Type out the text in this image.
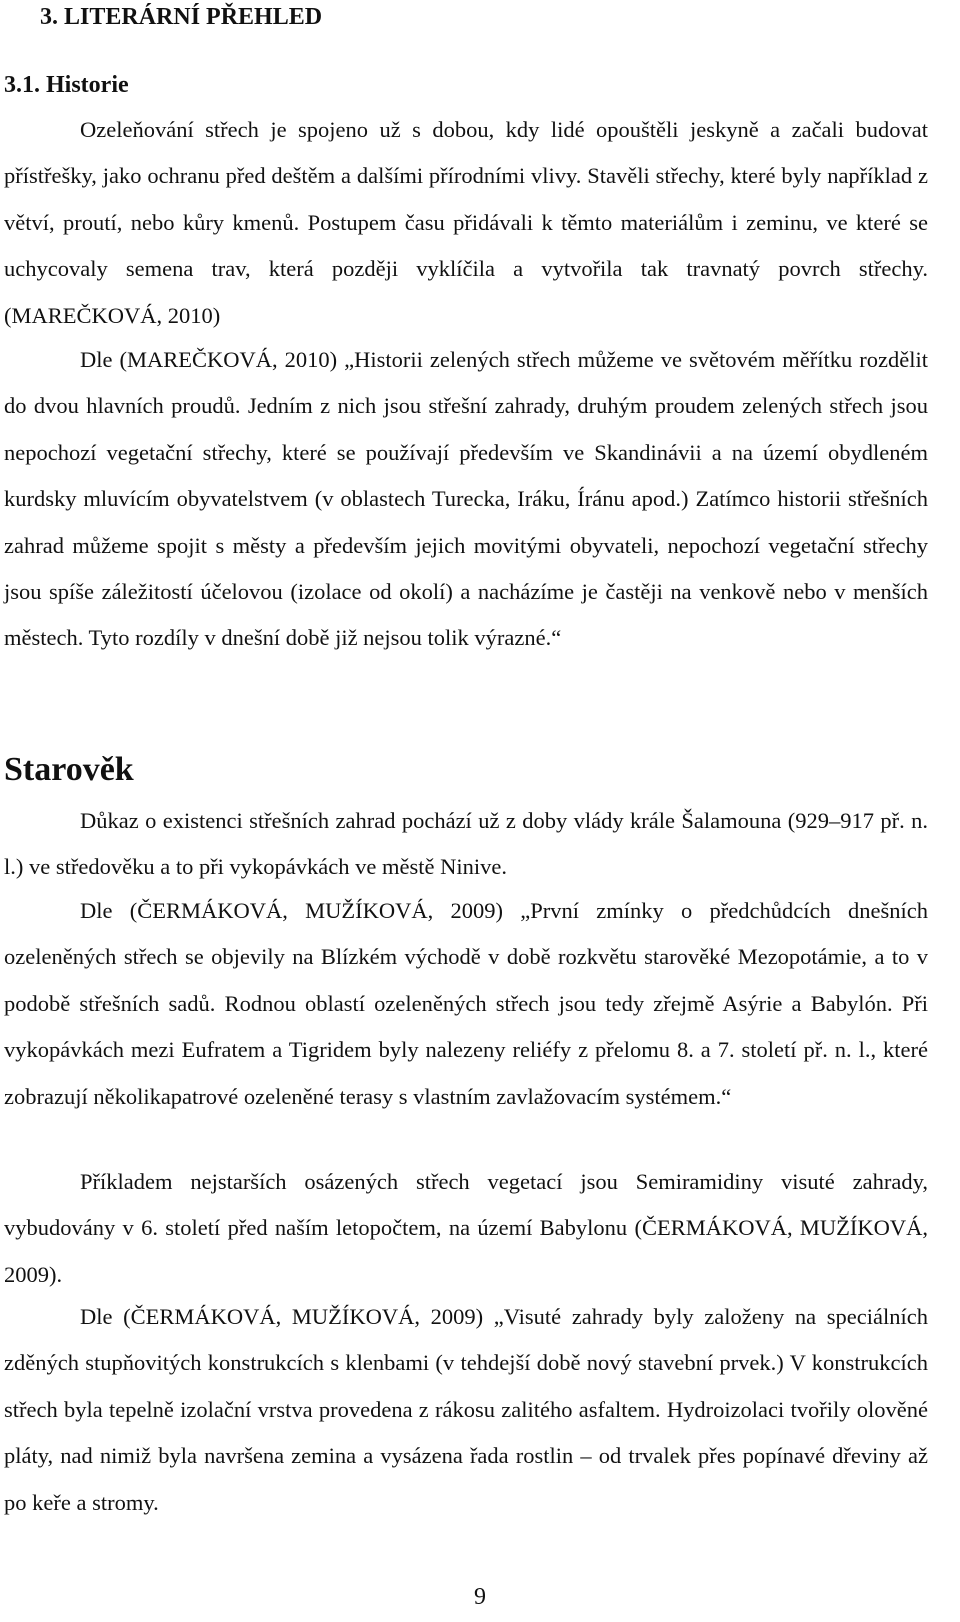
3. LITERÁRNÍ PŘEHLED
3.1. Historie

Ozeleňování střech je spojeno už s dobou, kdy lidé opouštěli jeskyně a začali budovat přístřešky, jako ochranu před deštěm a dalšími přírodními vlivy. Stavěli střechy, které byly například z větví, proutí, nebo kůry kmenů. Postupem času přidávali k těmto materiálům i zeminu, ve které se uchycovaly semena trav, která později vyklíčila a vytvořila tak travnatý povrch střechy.(MAREČKOVÁ, 2010)

Dle (MAREČKOVÁ, 2010) „Historii zelených střech můžeme ve světovém měřítku rozdělit do dvou hlavních proudů. Jedním z nich jsou střešní zahrady, druhým proudem zelených střech jsou nepochozí vegetační střechy, které se používají především ve Skandinávii a na území obydleném kurdsky mluvícím obyvatelstvem (v oblastech Turecka, Iráku, Íránu apod.) Zatímco historii střešních zahrad můžeme spojit s městy a především jejich movitými obyvateli, nepochozí vegetační střechy jsou spíše záležitostí účelovou (izolace od okolí) a nacházíme je častěji na venkově nebo v menších městech. Tyto rozdíly v dnešní době již nejsou tolik výrazné.“

Starověk

Důkaz o existenci střešních zahrad pochází už z doby vlády krále Šalamouna (929–917 př. n. l.) ve středověku a to při vykopávkách ve městě Ninive.

Dle (ČERMÁKOVÁ, MUŽÍKOVÁ, 2009) „První zmínky o předchůdcích dnešních ozeleněných střech se objevily na Blízkém východě v době rozkvětu starověké Mezopotámie, a to v podobě střešních sadů. Rodnou oblastí ozeleněných střech jsou tedy zřejmě Asýrie a Babylón. Při vykopávkách mezi Eufratem a Tigridem byly nalezeny reliéfy z přelomu 8. a 7. století př. n. l., které zobrazují několikapatrové ozeleněné terasy s vlastním zavlažovacím systémem.“

Příkladem nejstarších osázených střech vegetací jsou Semiramidiny visuté zahrady, vybudovány v 6. století před naším letopočtem, na území Babylonu (ČERMÁKOVÁ, MUŽÍKOVÁ, 2009).

Dle (ČERMÁKOVÁ, MUŽÍKOVÁ, 2009) „Visuté zahrady byly založeny na speciálních zděných stupňovitých konstrukcích s klenbami (v tehdejší době nový stavební prvek.) V konstrukcích střech byla tepelně izolační vrstva provedena z rákosu zalitého asfaltem. Hydroizolaci tvořily olověné pláty, nad nimiž byla navršena zemina a vysázena řada rostlin – od trvalek přes popínavé dřeviny až po keře a stromy.

9
